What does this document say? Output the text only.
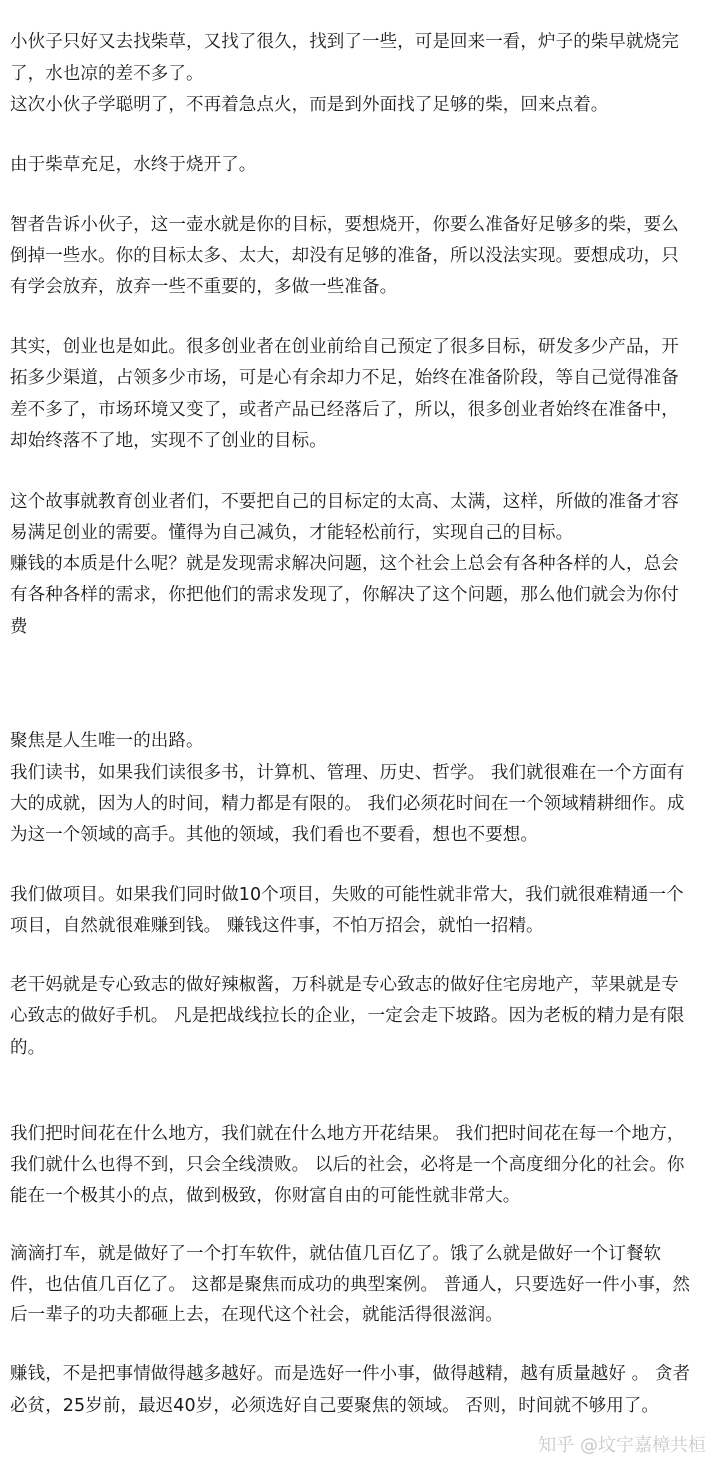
小伙子只好又去找柴草，又找了很久，找到了一些，可是回来一看，炉子的柴早就烧完
了，水也凉的差不多了。
这次小伙子学聪明了，不再着急点火，而是到外面找了足够的柴，回来点着。
由于柴草充足，水终于烧开了。
智者告诉小伙子，这一壶水就是你的目标，要想烧开，你要么准备好足够多的柴，要么
倒掉一些水。你的目标太多、太大，却没有足够的准备，所以没法实现。要想成功，只
有学会放弃，放弃一些不重要的，多做一些准备。
其实，创业也是如此。很多创业者在创业前给自己预定了很多目标，研发多少产品，开
拓多少渠道，占领多少市场，可是心有余却力不足，始终在准备阶段，等自己觉得准备
差不多了，市场环境又变了，或者产品已经落后了，所以，很多创业者始终在准备中，
却始终落不了地，实现不了创业的目标。
这个故事就教育创业者们，不要把自己的目标定的太高、太满，这样，所做的准备才容
易满足创业的需要。懂得为自己减负，才能轻松前行，实现自己的目标。
赚钱的本质是什么呢？就是发现需求解决问题，这个社会上总会有各种各样的人，总会
有各种各样的需求，你把他们的需求发现了，你解决了这个问题，那么他们就会为你付
费
聚焦是人生唯一的出路。
我们读书，如果我们读很多书，计算机、管理、历史、哲学。 我们就很难在一个方面有
大的成就，因为人的时间，精力都是有限的。 我们必须花时间在一个领域精耕细作。成
为这一个领域的高手。其他的领域，我们看也不要看，想也不要想。
我们做项目。如果我们同时做10个项目，失败的可能性就非常大，我们就很难精通一个
项目，自然就很难赚到钱。 赚钱这件事，不怕万招会，就怕一招精。
老干妈就是专心致志的做好辣椒酱，万科就是专心致志的做好住宅房地产，苹果就是专
心致志的做好手机。 凡是把战线拉长的企业，一定会走下坡路。因为老板的精力是有限
的。
我们把时间花在什么地方，我们就在什么地方开花结果。 我们把时间花在每一个地方，
我们就什么也得不到，只会全线溃败。 以后的社会，必将是一个高度细分化的社会。你
能在一个极其小的点，做到极致，你财富自由的可能性就非常大。
滴滴打车，就是做好了一个打车软件，就估值几百亿了。饿了么就是做好一个订餐软
件，也估值几百亿了。 这都是聚焦而成功的典型案例。 普通人，只要选好一件小事，然
后一辈子的功夫都砸上去，在现代这个社会，就能活得很滋润。
赚钱，不是把事情做得越多越好。而是选好一件小事，做得越精，越有质量越好 。 贪者
必贫，25岁前，最迟40岁，必须选好自己要聚焦的领域。 否则，时间就不够用了。
知乎 @坟宇嘉樟共桓
